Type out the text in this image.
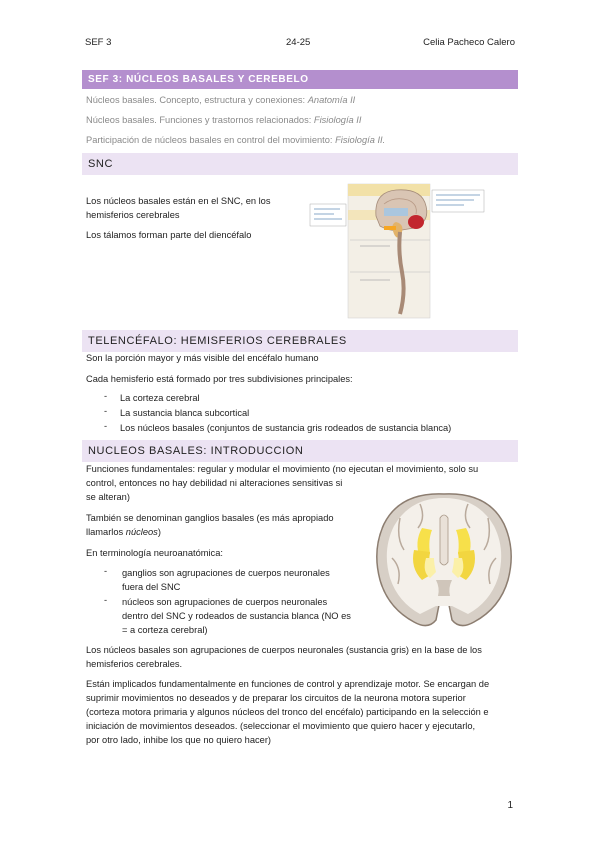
SEF 3	24-25	Celia Pacheco Calero
SEF 3: NÚCLEOS BASALES Y CEREBELO
Núcleos basales. Concepto, estructura y conexiones: Anatomía II
Núcleos basales. Funciones y trastornos relacionados: Fisiología II
Participación de núcleos basales en control del movimiento: Fisiología II.
SNC
Los núcleos basales están en el SNC, en los
hemisferios cerebrales
Los tálamos forman parte del diencéfalo
TELENCÉFALO: HEMISFERIOS CEREBRALES
Son la porción mayor y más visible del encéfalo humano
Cada hemisferio está formado por tres subdivisiones principales:
- La corteza cerebral
- La sustancia blanca subcortical
- Los núcleos basales (conjuntos de sustancia gris rodeados de sustancia blanca)
NUCLEOS BASALES: INTRODUCCION
Funciones fundamentales: regular y modular el movimiento (no ejecutan el movimiento, solo su
control, entonces no hay debilidad ni alteraciones sensitivas si
se alteran)
También se denominan ganglios basales (es más apropiado
llamarlos núcleos)
En terminología neuroanatómica:
- ganglios son agrupaciones de cuerpos neuronales
fuera del SNC
- núcleos son agrupaciones de cuerpos neuronales
dentro del SNC y rodeados de sustancia blanca (NO es
= a corteza cerebral)
Los núcleos basales son agrupaciones de cuerpos neuronales (sustancia gris) en la base de los
hemisferios cerebrales.
Están implicados fundamentalmente en funciones de control y aprendizaje motor. Se encargan de
suprimir movimientos no deseados y de preparar los circuitos de la neurona motora superior
(corteza motora primaria y algunos núcleos del tronco del encéfalo) participando en la selección e
iniciación de movimientos deseados. (seleccionar el movimiento que quiero hacer y ejecutarlo,
por otro lado, inhibe los que no quiero hacer)
1
